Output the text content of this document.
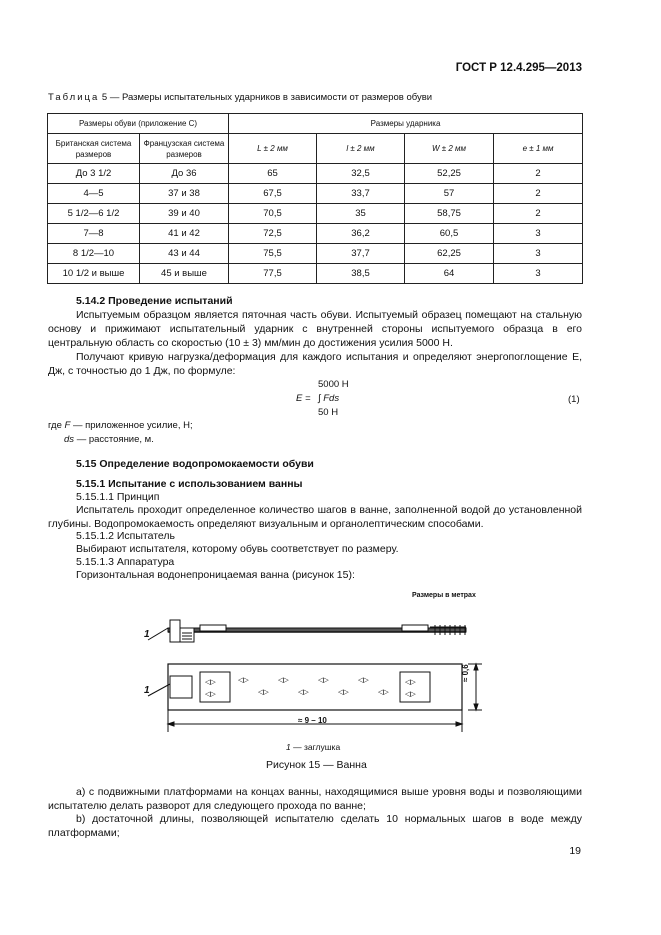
ГОСТ Р 12.4.295—2013
Таблица 5 — Размеры испытательных ударников в зависимости от размеров обуви
Размеры обуви (приложение С)		Размеры ударника			
Британская система размеров	Французская система размеров	L ± 2 мм	l ± 2 мм	W ± 2 мм	e ± 1 мм
До 3 1/2	До 36	65	32,5	52,25	2
4—5	37 и 38	67,5	33,7	57	2
5 1/2—6 1/2	39 и 40	70,5	35	58,75	2
7—8	41 и 42	72,5	36,2	60,5	3
8 1/2—10	43 и 44	75,5	37,7	62,25	3
10 1/2 и выше	45 и выше	77,5	38,5	64	3
5.14.2 Проведение испытаний
Испытуемым образцом является пяточная часть обуви. Испытуемый образец помещают на стальную основу и прижимают испытательный ударник с внутренней стороны испытуемого образца в его центральную область со скоростью (10 ± 3) мм/мин до достижения усилия 5000 Н.
Получают кривую нагрузка/деформация для каждого испытания и определяют энергопоглощение E, Дж, с точностью до 1 Дж, по формуле:
5000 Н
E = ∫ Fds
50 Н
(1)
где F — приложенное усилие, Н;
ds — расстояние, м.
5.15 Определение водопромокаемости обуви
5.15.1 Испытание с использованием ванны
5.15.1.1 Принцип
Испытатель проходит определенное количество шагов в ванне, заполненной водой до установленной глубины. Водопромокаемость определяют визуальным и органолептическим способами.
5.15.1.2 Испытатель
Выбирают испытателя, которому обувь соответствует по размеру.
5.15.1.3 Аппаратура
Горизонтальная водонепроницаемая ванна (рисунок 15):
Размеры в метрах
◁▷
◁▷
◁▷
◁▷
◁▷
◁▷
◁▷
◁▷
◁▷
◁▷
◁▷
◁▷
1
1
≈ 9 – 10
≈ 0,6
1 — заглушка
Рисунок 15 — Ванна
а) с подвижными платформами на концах ванны, находящимися выше уровня воды и позволяющими испытателю делать разворот для следующего прохода по ванне;
b) достаточной длины, позволяющей испытателю сделать 10 нормальных шагов в воде между платформами;
19
